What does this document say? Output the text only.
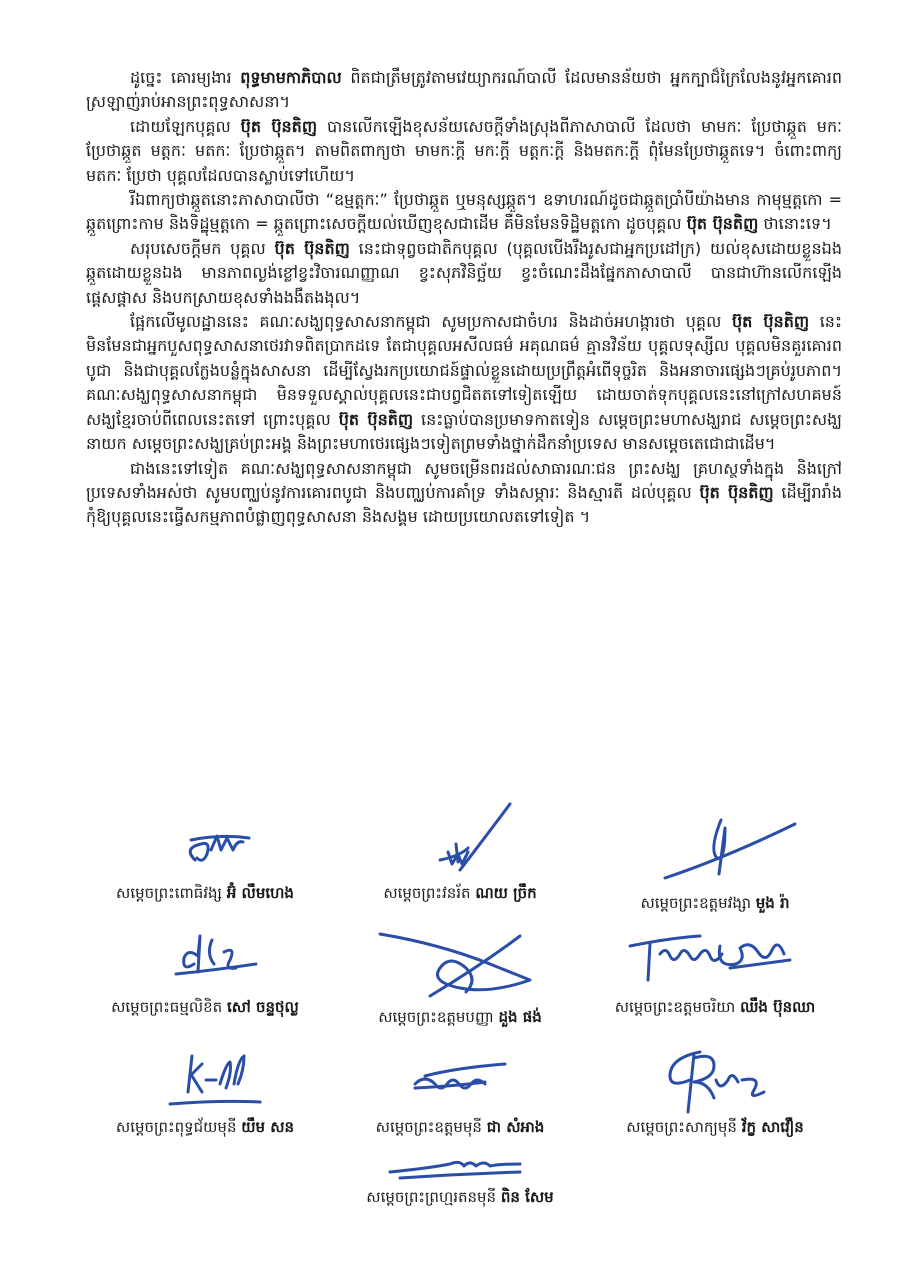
ដូច្នេះ គោរម្យងារ ពុទ្ធមាមកាភិបាល ពិតជាត្រឹមត្រូវតាមវេយ្យាករណ៍បាលី ដែលមានន័យថា អ្នកក្បាជ៏ក្រៃលែងនូវអ្នកគោរពស្រឡាញ់រាប់អានព្រះពុទ្ធសាសនា។

ដោយឡែកបុគ្គល ប៊ុត ប៊ុនតិញ បានលើកឡើងខុសន័យសេចក្តីទាំងស្រុងពីភាសាបាលី ដែលថា មាមកៈ ប្រែថាឆ្កួត មកៈ ប្រែថាឆ្កួត មត្តកៈ មតកៈ ប្រែថាឆ្កួត។ តាមពិតពាក្យថា មាមកៈក្តី មកៈក្តី មត្តកៈក្តី និងមតកៈក្តី ពុំមែនប្រែថាឆ្កួតទេ។ ចំពោះពាក្យ មតកៈ ប្រែថា បុគ្គលដែលបានស្លាប់ទៅហើយ។

រីឯពាក្យថាឆ្កួតនោះភាសាបាលីថា “ឧម្មត្តកៈ” ប្រែថាឆ្កួត ឬមនុស្សឆ្កួត។ ឧទាហរណ៍ដូចជាឆ្កួតប្រាំបីយ៉ាងមាន កាមុម្មត្តកោ = ឆ្កួតព្រោះកាម និងទិដ្ឋុម្មត្តកោ = ឆ្កួតព្រោះសេចក្តីយល់ឃើញខុសជាដើម គឺមិនមែនទិដ្ឋិមត្តកោ ដូចបុគ្គល ប៊ុត ប៊ុនតិញ ថានោះទេ។

សរុបសេចក្តីមក បុគ្គល ប៊ុត ប៊ុនតិញ នេះជាទុព្វចជាតិកបុគ្គល (បុគ្គលបើងរឹងរូសជាអ្នកប្រដៅក្រ) យល់ខុសដោយខ្លួនឯង ឆ្កួតដោយខ្លួនឯង មានភាពល្ងង់ខ្លៅខ្វះវិចារណញ្ញាណ ខ្វះសុភវិនិច្ឆ័យ ខ្វះចំណេះដឹងផ្នែកភាសាបាលី បានជាហ៊ានលើកឡើងផ្តេសផ្តាស និងបកស្រាយខុសទាំងងងឹតងងុល។

ផ្អែកលើមូលដ្ឋាននេះ គណៈសង្ឃពុទ្ធសាសនាកម្ពុជា សូមប្រកាសជាចំហរ និងដាច់អហង្ការថា បុគ្គល ប៊ុត ប៊ុនតិញ នេះមិនមែនជាអ្នកបួសពុទ្ធសាសនាថេរវាទពិតប្រាកដទេ តែជាបុគ្គលអសីលធម៌ អគុណធម៌ គ្មានវិន័យ បុគ្គលទុស្សីល បុគ្គលមិនគួរគោរពបូជា និងជាបុគ្គលក្លែងបន្លំក្នុងសាសនា ដើម្បីស្វែងរកប្រយោជន៍ផ្ទាល់ខ្លួនដោយប្រព្រឹត្តអំពើទុច្ចរិត និងអនាចារផ្សេងៗគ្រប់រូបភាព។ គណៈសង្ឃពុទ្ធសាសនាកម្ពុជា មិនទទួលស្គាល់បុគ្គលនេះជាបព្វជិតតទៅទៀតឡើយ ដោយចាត់ទុកបុគ្គលនេះនៅក្រៅសហគមន៍សង្ឃខ្មែរចាប់ពីពេលនេះតទៅ ព្រោះបុគ្គល ប៊ុត ប៊ុនតិញ នេះធ្លាប់បានប្រមាទកាតទៀន សម្តេចព្រះមហាសង្ឃរាជ សម្តេចព្រះសង្ឃនាយក សម្តេចព្រះសង្ឃគ្រប់ព្រះអង្គ និងព្រះមហាថេរផ្សេងៗទៀតព្រមទាំងថ្នាក់ដឹកនាំប្រទេស មានសម្តេចតេជោជាដើម។

ជាងនេះទៅទៀត គណៈសង្ឃពុទ្ធសាសនាកម្ពុជា សូមចម្រើនពរដល់សាធារណៈជន ព្រះសង្ឃ គ្រហស្ថទាំងក្នុង និងក្រៅប្រទេសទាំងអស់ថា សូមបញ្ឈប់នូវការគោរពបូជា និងបញ្ឈប់ការគាំទ្រ ទាំងសម្ភារៈ និងស្មារតី ដល់បុគ្គល ប៊ុត ប៊ុនតិញ ដើម្បីរារាំងកុំឱ្យបុគ្គលនេះធ្វើសកម្មភាពបំផ្លាញពុទ្ធសាសនា និងសង្គម ដោយប្រយោលតទៅទៀត ។

សម្តេចព្រះពោធិវង្ស អ៊ំ លឹមហេង	សម្តេចព្រះវនរ័ត ណយ ច្រឹក
សម្តេចព្រះឧត្តមវង្សា មួង រ៉ា
សម្តេចព្រះធម្មលិខិត សៅ ចន្ទថុល្ល
សម្តេចព្រះឧត្តមបញ្ញា ដួង ផង់
សម្តេចព្រះឧត្តមចរិយា ឈឹង ប៊ុនឈា
សម្តេចព្រះពុទ្ធជ័យមុនី យឹម សន	សម្តេចព្រះឧត្តមមុនី ជា សំអាង	សម្តេចព្រះសាក្យមុនី វ័ក្ខ សាវឿន
សម្តេចព្រះព្រហ្មរតនមុនី ពិន សែម
